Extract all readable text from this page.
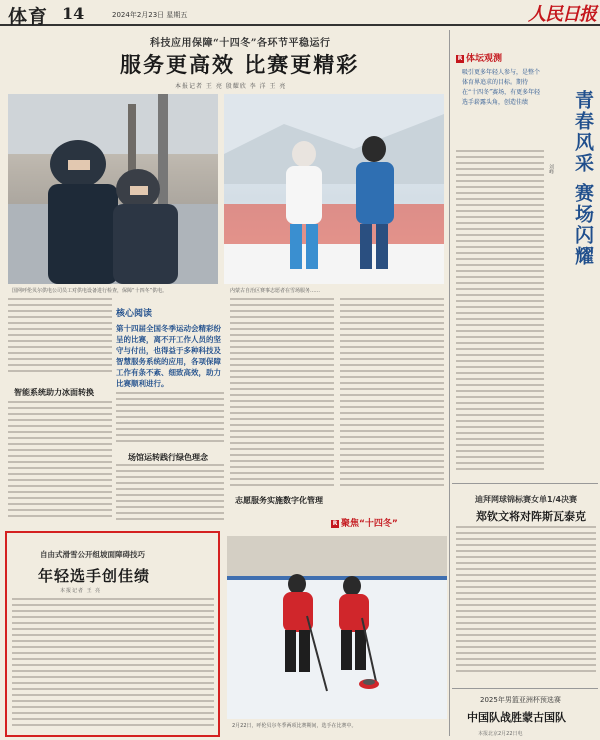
体育 14	2024年2月23日 星期五	人民日报
科技应用保障“十四冬”各环节平稳运行
服务更高效 比赛更精彩
本报记者 王 亮 殷耀欣 李 洋 王 亮
国网呼伦贝尔供电公司员工对供电设备进行检查，保障“十四冬”供电。	内蒙古自治区赛事志愿者在雪场服务……
智能系统助力冰面转换
核心阅读
第十四届全国冬季运动会精彩纷呈的比赛，离不开工作人员的坚守与付出，也得益于多种科技及智慧服务系统的应用，各项保障工作有条不紊、细致高效，助力比赛顺利进行。
场馆运转践行绿色理念
志愿服务实施数字化管理
R 体坛观测
吸引更多年轻人参与，是整个体育界追求的目标。期待在“十四冬”赛场，有更多年轻选手崭露头角，创造佳绩	青春风采 赛场闪耀
刘峰
迪拜网球锦标赛女单1/4决赛
郑钦文将对阵斯瓦泰克
2025年男篮亚洲杯预选赛
中国队战胜蒙古国队
本报北京2月22日电
R 聚焦“十四冬”
2月22日，呼伦贝尔冬季两项比赛期间，选手在比赛中。
自由式滑雪公开组坡面障碍技巧
年轻选手创佳绩
本报记者 王 亮
